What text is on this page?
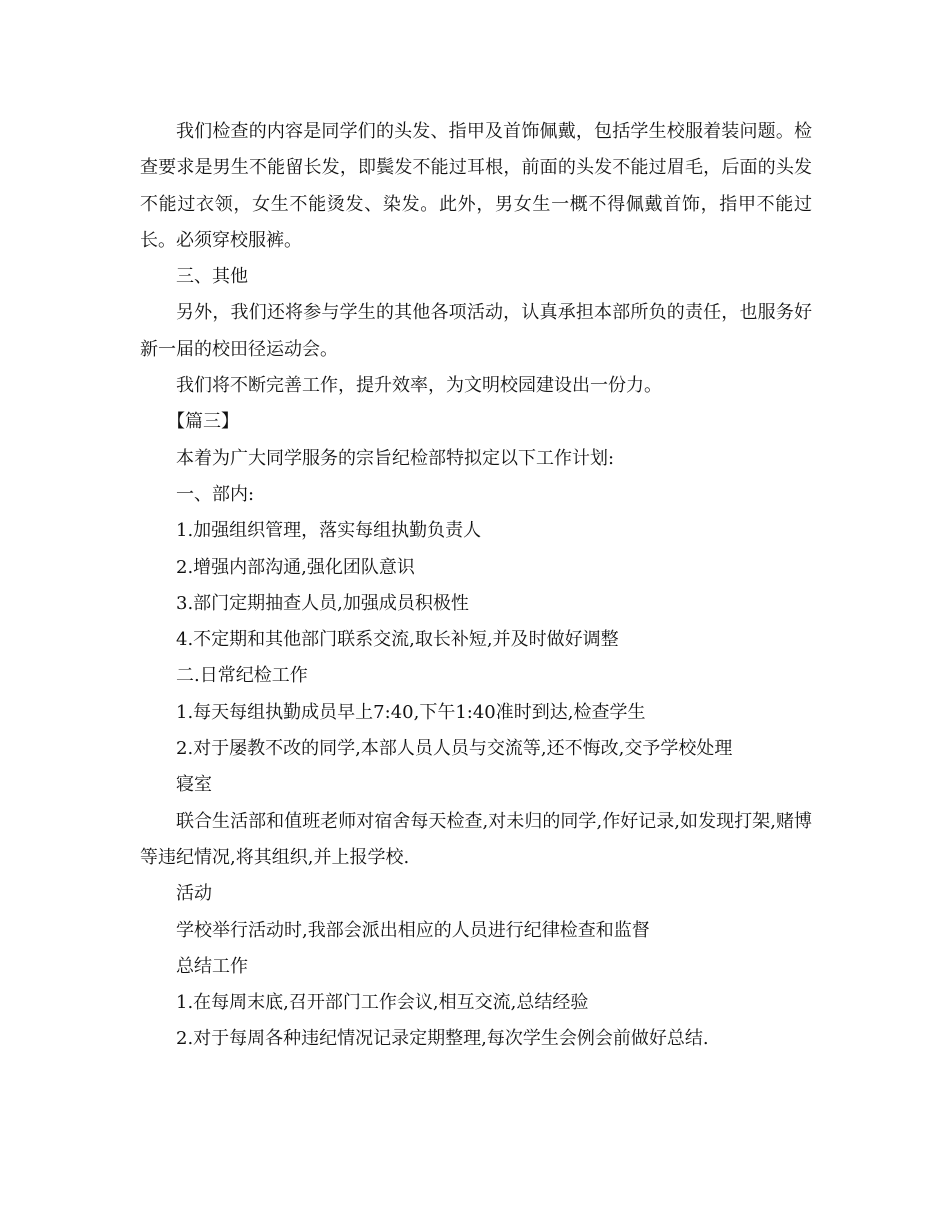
我们检查的内容是同学们的头发、指甲及首饰佩戴，包括学生校服着装问题。检查要求是男生不能留长发，即鬓发不能过耳根，前面的头发不能过眉毛，后面的头发不能过衣领，女生不能烫发、染发。此外，男女生一概不得佩戴首饰，指甲不能过长。必须穿校服裤。

三、其他

另外，我们还将参与学生的其他各项活动，认真承担本部所负的责任，也服务好新一届的校田径运动会。

我们将不断完善工作，提升效率，为文明校园建设出一份力。

【篇三】

本着为广大同学服务的宗旨纪检部特拟定以下工作计划:

一、部内:

1.加强组织管理，落实每组执勤负责人

2.增强内部沟通,强化团队意识

3.部门定期抽查人员,加强成员积极性

4.不定期和其他部门联系交流,取长补短,并及时做好调整

二.日常纪检工作

1.每天每组执勤成员早上7:40,下午1:40准时到达,检查学生

2.对于屡教不改的同学,本部人员人员与交流等,还不悔改,交予学校处理

寝室

联合生活部和值班老师对宿舍每天检查,对未归的同学,作好记录,如发现打架,赌博等违纪情况,将其组织,并上报学校.

活动

学校举行活动时,我部会派出相应的人员进行纪律检查和监督

总结工作

1.在每周末底,召开部门工作会议,相互交流,总结经验

2.对于每周各种违纪情况记录定期整理,每次学生会例会前做好总结.
